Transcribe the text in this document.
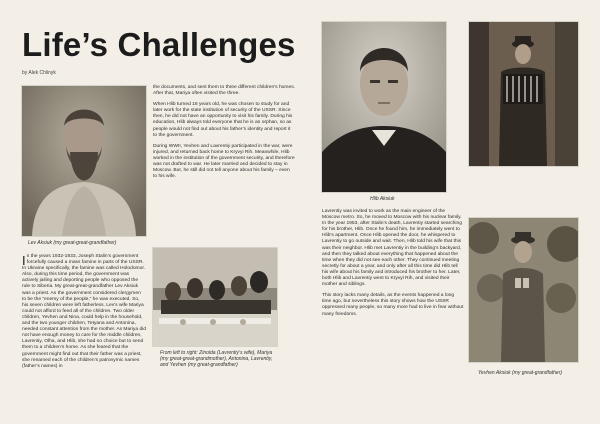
Life’s Challenges
by Alek Chlinyk
Lev Aksiuk (my great-great-grandfather)

In the years 1932-1933, Joseph Stalin’s government forcefully caused a mass famine in parts of the USSR. In Ukraine specifically, the famine was called Holodomor. Also, during this time period, the government was actively jailing and deporting people who opposed the rule to Siberia. My great-great-grandfather Lev Aksiuk was a priest. As the government considered clergymen to be the “enemy of the people,” he was executed. So, his seven children were left fatherless. Lev’s wife Mariya could not afford to feed all of the children. Two older children, Yevhen and Nina, could help in the household, and the two younger children, Tetyana and Antonina, needed constant attention from the mother. As Mariya did not have enough money to care for the middle children, Lavrentiy, Olha, and Hlib, she had no choice but to send them to a children’s home. As she feared that the government might find out that their father was a priest, she renamed each of the children’s patronymic names (father’s names) in

the documents, and sent them to three different children’s homes. After that, Mariya often visited the three.

When Hlib turned 18 years old, he was chosen to study for and later work for the state institution of security of the USSR. Since then, he did not have an opportunity to visit his family. During his education, Hlib always told everyone that he is an orphan, so as people would not find out about his father’s identity and report it to the government.

During WWII, Yevhen and Lavrentiy participated in the war, were injured, and returned back home to Kryvyi Rih. Meanwhile, Hlib worked in the institution of the government security, and therefore was not drafted to war. He later married and decided to stay in Moscow. But, he still did not tell anyone about his family – even to his wife.

From left to right: Zinoida (Lavrentiy’s wife), Mariya (my great-great-grandmother), Antonina, Lavrentiy, and Yevhen (my great-grandfather)
Hlib Aksiuk

Lavrentiy was invited to work as the main engineer of the Moscow metro. So, he moved to Moscow with his nuclear family. In the year 1953, after Stalin’s death, Lavrentiy started searching for his brother, Hlib. Once he found him, he immediately went to Hlib’s apartment. Once Hlib opened the door, he whispered to Lavrentiy to go outside and wait. Then, Hlib told his wife that this was their neighbor. Hlib met Lavrentiy in the building’s backyard, and then they talked about everything that happened about the time when they did not see each other. They continued meeting secretly for about a year, and only after all this time did Hlib tell his wife about his family and introduced his brother to her. Later, both Hlib and Lavrentiy went to Kryvyi Rih, and visited their mother and siblings.

This story lacks many details, as the events happened a long time ago, but nevertheless this story shows how the USSR oppressed many people, so many more had to live in fear without many freedoms.

Yevhen Aksiuk (my great-grandfather)
